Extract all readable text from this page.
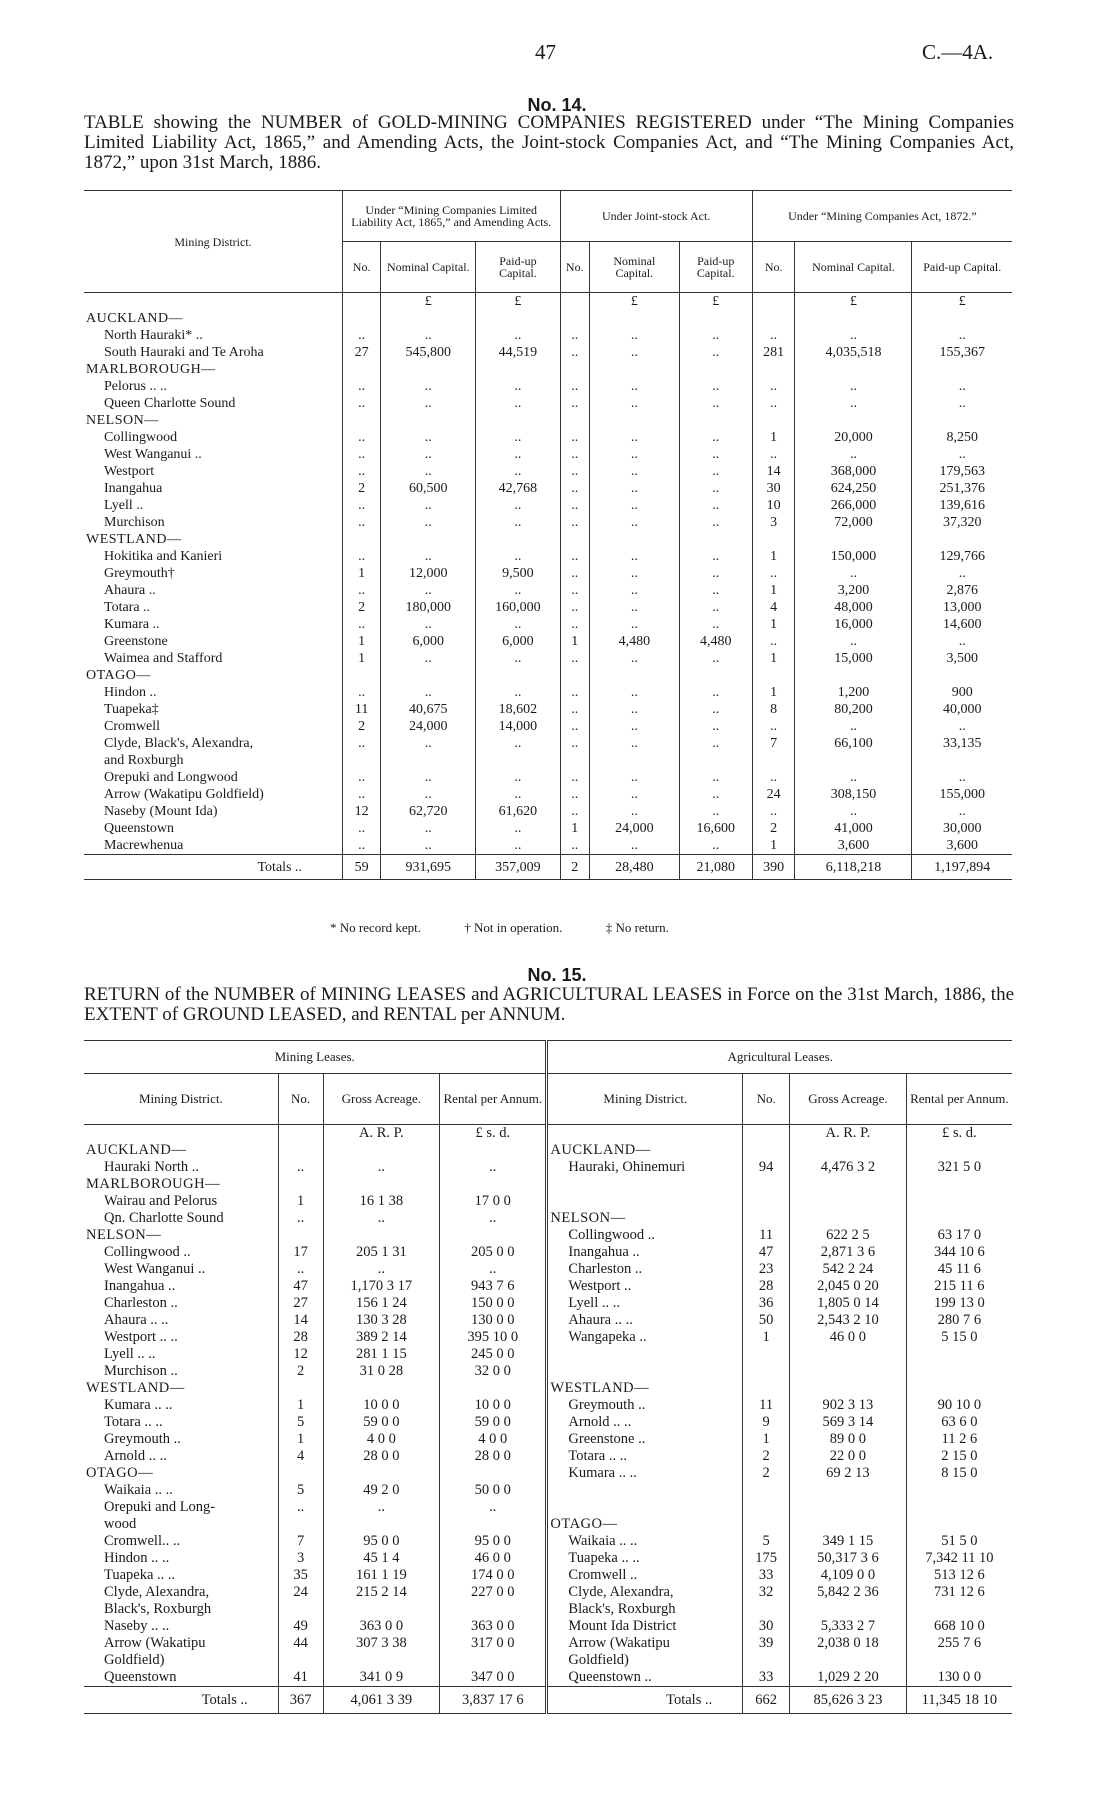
47	C.—4A.
No. 14.
TABLE showing the NUMBER of GOLD-MINING COMPANIES REGISTERED under “The Mining Companies Limited Liability Act, 1865,” and Amending Acts, the Joint-stock Companies Act, and “The Mining Companies Act, 1872,” upon 31st March, 1886.
Mining District.	Under “Mining Companies Limited Liability Act, 1865,” and Amending Acts.			Under Joint-stock Act.			Under “Mining Companies Act, 1872.”		
	No.	Nominal Capital.	Paid-up Capital.	No.	Nominal Capital.	Paid-up Capital.	No.	Nominal Capital.	Paid-up Capital.
		£	£		£	£		£	£
AUCKLAND—									
North Hauraki* ..	..	..	..	..	..	..	..	..	..
South Hauraki and Te Aroha	27	545,800	44,519	..	..	..	281	4,035,518	155,367
MARLBOROUGH—									
Pelorus .. ..	..	..	..	..	..	..	..	..	..
Queen Charlotte Sound	..	..	..	..	..	..	..	..	..
NELSON—									
Collingwood	..	..	..	..	..	..	1	20,000	8,250
West Wanganui ..	..	..	..	..	..	..	..	..	..
Westport	..	..	..	..	..	..	14	368,000	179,563
Inangahua	2	60,500	42,768	..	..	..	30	624,250	251,376
Lyell ..	..	..	..	..	..	..	10	266,000	139,616
Murchison	..	..	..	..	..	..	3	72,000	37,320
WESTLAND—									
Hokitika and Kanieri	..	..	..	..	..	..	1	150,000	129,766
Greymouth†	1	12,000	9,500	..	..	..	..	..	..
Ahaura ..	..	..	..	..	..	..	1	3,200	2,876
Totara ..	2	180,000	160,000	..	..	..	4	48,000	13,000
Kumara ..	..	..	..	..	..	..	1	16,000	14,600
Greenstone	1	6,000	6,000	1	4,480	4,480	..	..	..
Waimea and Stafford	1	..	..	..	..	..	1	15,000	3,500
OTAGO—									
Hindon ..	..	..	..	..	..	..	1	1,200	900
Tuapeka‡	11	40,675	18,602	..	..	..	8	80,200	40,000
Cromwell	2	24,000	14,000	..	..	..	..	..	..
Clyde, Black's, Alexandra,	..	..	..	..	..	..	7	66,100	33,135
and Roxburgh									
Orepuki and Longwood	..	..	..	..	..	..	..	..	..
Arrow (Wakatipu Goldfield)	..	..	..	..	..	..	24	308,150	155,000
Naseby (Mount Ida)	12	62,720	61,620	..	..	..	..	..	..
Queenstown	..	..	..	1	24,000	16,600	2	41,000	30,000
Macrewhenua	..	..	..	..	..	..	1	3,600	3,600
Totals ..	59	931,695	357,009	2	28,480	21,080	390	6,118,218	1,197,894
* No record kept.	† Not in operation.	‡ No return.
No. 15.
RETURN of the NUMBER of MINING LEASES and AGRICULTURAL LEASES in Force on the 31st March, 1886, the EXTENT of GROUND LEASED, and RENTAL per ANNUM.
Mining Leases.				Agricultural Leases.			
Mining District.	No.	Gross Acreage.	Rental per Annum.	Mining District.	No.	Gross Acreage.	Rental per Annum.
		A. R. P.	£ s. d.			A. R. P.	£ s. d.
AUCKLAND—				AUCKLAND—			
Hauraki North ..	..	..	..	Hauraki, Ohinemuri	94	4,476 3 2	321 5 0
MARLBOROUGH—							
Wairau and Pelorus	1	16 1 38	17 0 0				
Qn. Charlotte Sound	..	..	..	NELSON—			
NELSON—				Collingwood ..	11	622 2 5	63 17 0
Collingwood ..	17	205 1 31	205 0 0	Inangahua ..	47	2,871 3 6	344 10 6
West Wanganui ..	..	..	..	Charleston ..	23	542 2 24	45 11 6
Inangahua ..	47	1,170 3 17	943 7 6	Westport ..	28	2,045 0 20	215 11 6
Charleston ..	27	156 1 24	150 0 0	Lyell .. ..	36	1,805 0 14	199 13 0
Ahaura .. ..	14	130 3 28	130 0 0	Ahaura .. ..	50	2,543 2 10	280 7 6
Westport .. ..	28	389 2 14	395 10 0	Wangapeka ..	1	46 0 0	5 15 0
Lyell .. ..	12	281 1 15	245 0 0				
Murchison ..	2	31 0 28	32 0 0				
WESTLAND—				WESTLAND—			
Kumara .. ..	1	10 0 0	10 0 0	Greymouth ..	11	902 3 13	90 10 0
Totara .. ..	5	59 0 0	59 0 0	Arnold .. ..	9	569 3 14	63 6 0
Greymouth ..	1	4 0 0	4 0 0	Greenstone ..	1	89 0 0	11 2 6
Arnold .. ..	4	28 0 0	28 0 0	Totara .. ..	2	22 0 0	2 15 0
OTAGO—				Kumara .. ..	2	69 2 13	8 15 0
Waikaia .. ..	5	49 2 0	50 0 0				
Orepuki and Long-	..	..	..				
wood				OTAGO—			
Cromwell.. ..	7	95 0 0	95 0 0	Waikaia .. ..	5	349 1 15	51 5 0
Hindon .. ..	3	45 1 4	46 0 0	Tuapeka .. ..	175	50,317 3 6	7,342 11 10
Tuapeka .. ..	35	161 1 19	174 0 0	Cromwell ..	33	4,109 0 0	513 12 6
Clyde, Alexandra,	24	215 2 14	227 0 0	Clyde, Alexandra,	32	5,842 2 36	731 12 6
Black's, Roxburgh				Black's, Roxburgh			
Naseby .. ..	49	363 0 0	363 0 0	Mount Ida District	30	5,333 2 7	668 10 0
Arrow (Wakatipu	44	307 3 38	317 0 0	Arrow (Wakatipu	39	2,038 0 18	255 7 6
Goldfield)				Goldfield)			
Queenstown	41	341 0 9	347 0 0	Queenstown ..	33	1,029 2 20	130 0 0
Totals ..	367	4,061 3 39	3,837 17 6	Totals ..	662	85,626 3 23	11,345 18 10
